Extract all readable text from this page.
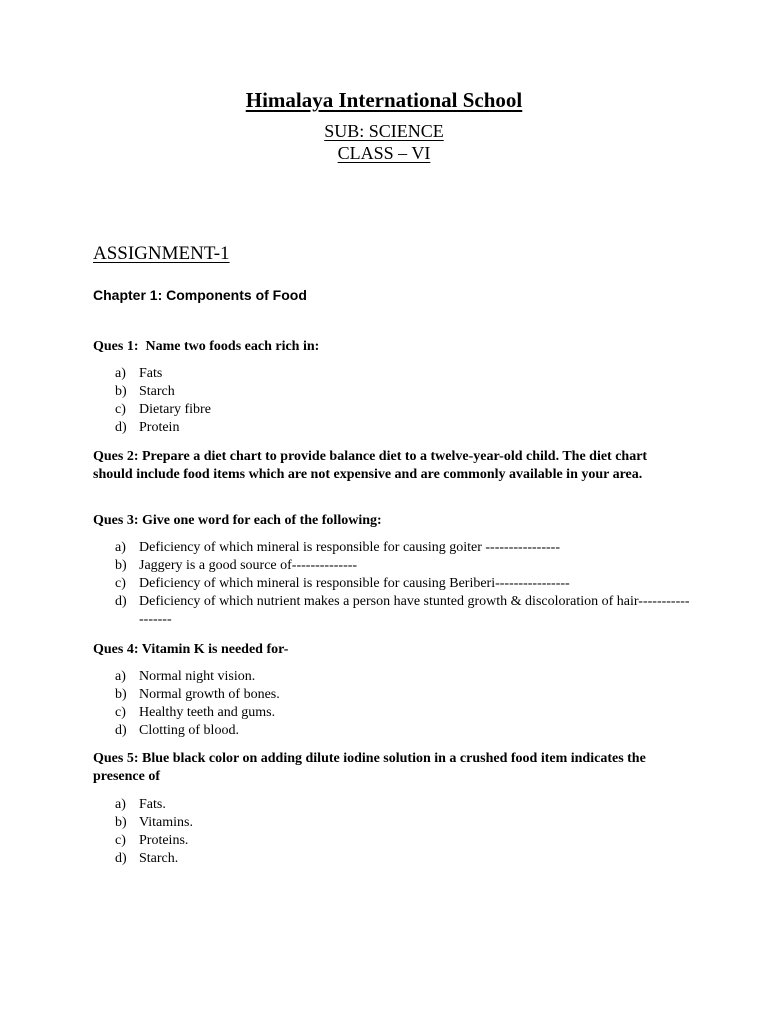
Himalaya International School
SUB: SCIENCE
CLASS – VI
ASSIGNMENT-1
Chapter 1: Components of Food
Ques 1:  Name two foods each rich in:
a) Fats
b) Starch
c) Dietary fibre
d) Protein
Ques 2: Prepare a diet chart to provide balance diet to a twelve-year-old child. The diet chart should include food items which are not expensive and are commonly available in your area.
Ques 3: Give one word for each of the following:
a) Deficiency of which mineral is responsible for causing goiter ----------------
b) Jaggery is a good source of--------------
c) Deficiency of which mineral is responsible for causing Beriberi----------------
d) Deficiency of which nutrient makes a person have stunted growth & discoloration of hair------------------
Ques 4: Vitamin K is needed for-
a) Normal night vision.
b) Normal growth of bones.
c) Healthy teeth and gums.
d) Clotting of blood.
Ques 5: Blue black color on adding dilute iodine solution in a crushed food item indicates the presence of
a) Fats.
b) Vitamins.
c) Proteins.
d) Starch.
